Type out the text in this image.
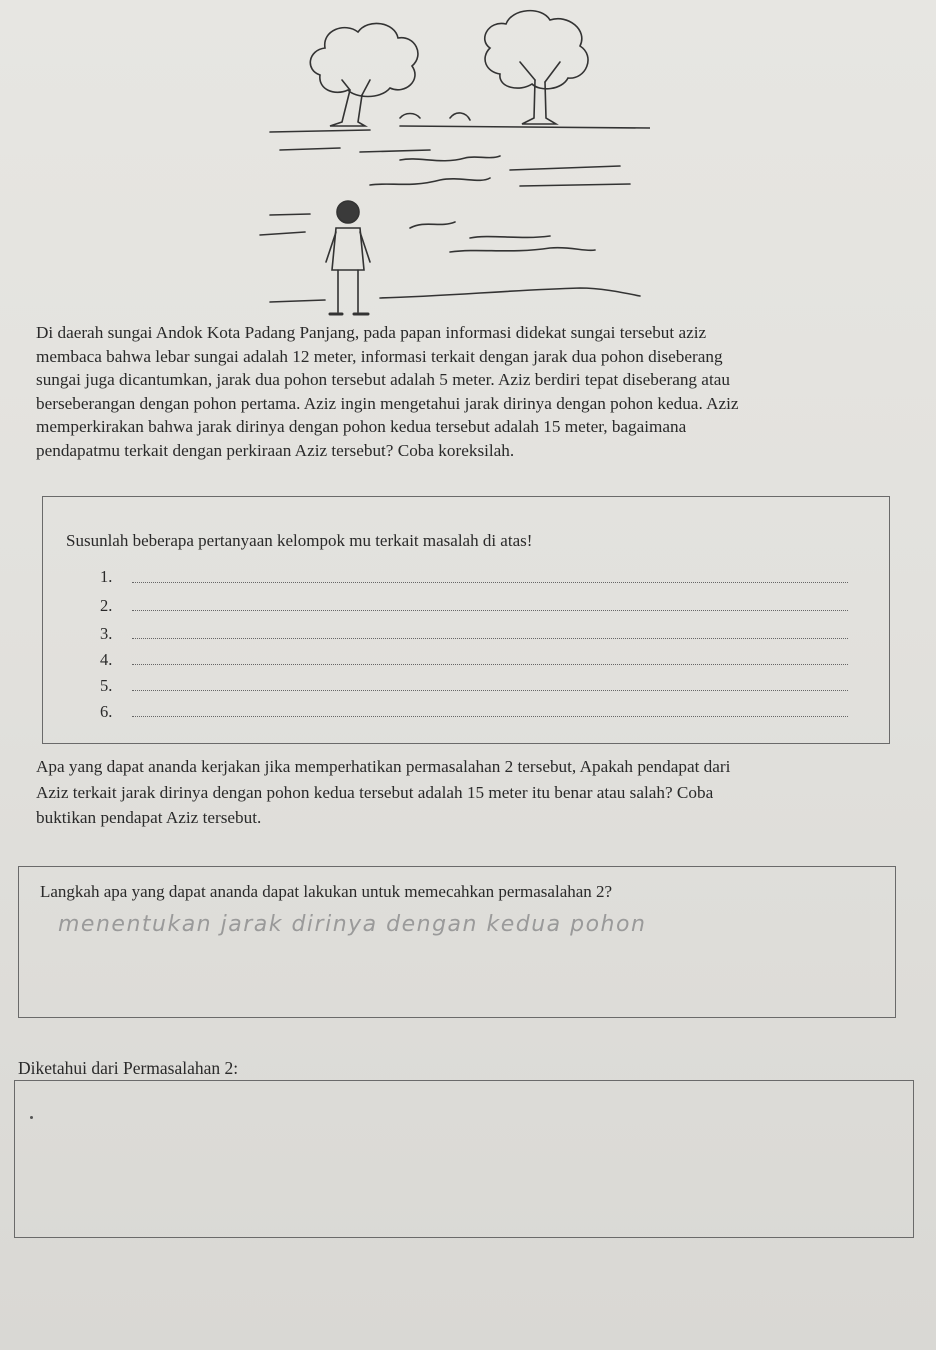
Di daerah sungai Andok Kota Padang Panjang, pada papan informasi didekat sungai tersebut aziz
membaca bahwa lebar sungai adalah 12 meter, informasi terkait dengan jarak dua pohon diseberang
sungai juga dicantumkan, jarak dua pohon tersebut adalah 5 meter. Aziz berdiri tepat diseberang atau
berseberangan dengan pohon pertama. Aziz ingin mengetahui jarak dirinya dengan pohon kedua. Aziz
memperkirakan bahwa jarak dirinya dengan pohon kedua tersebut adalah 15 meter, bagaimana
pendapatmu terkait dengan perkiraan Aziz tersebut? Coba koreksilah.
Susunlah beberapa pertanyaan kelompok mu terkait masalah di atas!
1.
2.
3.
4.
5.
6.
Apa yang dapat ananda kerjakan jika memperhatikan permasalahan 2 tersebut, Apakah pendapat dari
Aziz terkait jarak dirinya dengan pohon kedua tersebut adalah 15 meter itu benar atau salah? Coba
buktikan pendapat Aziz tersebut.
Langkah apa yang dapat ananda dapat lakukan untuk memecahkan permasalahan 2?
menentukan jarak dirinya dengan kedua pohon
Diketahui dari Permasalahan 2:
